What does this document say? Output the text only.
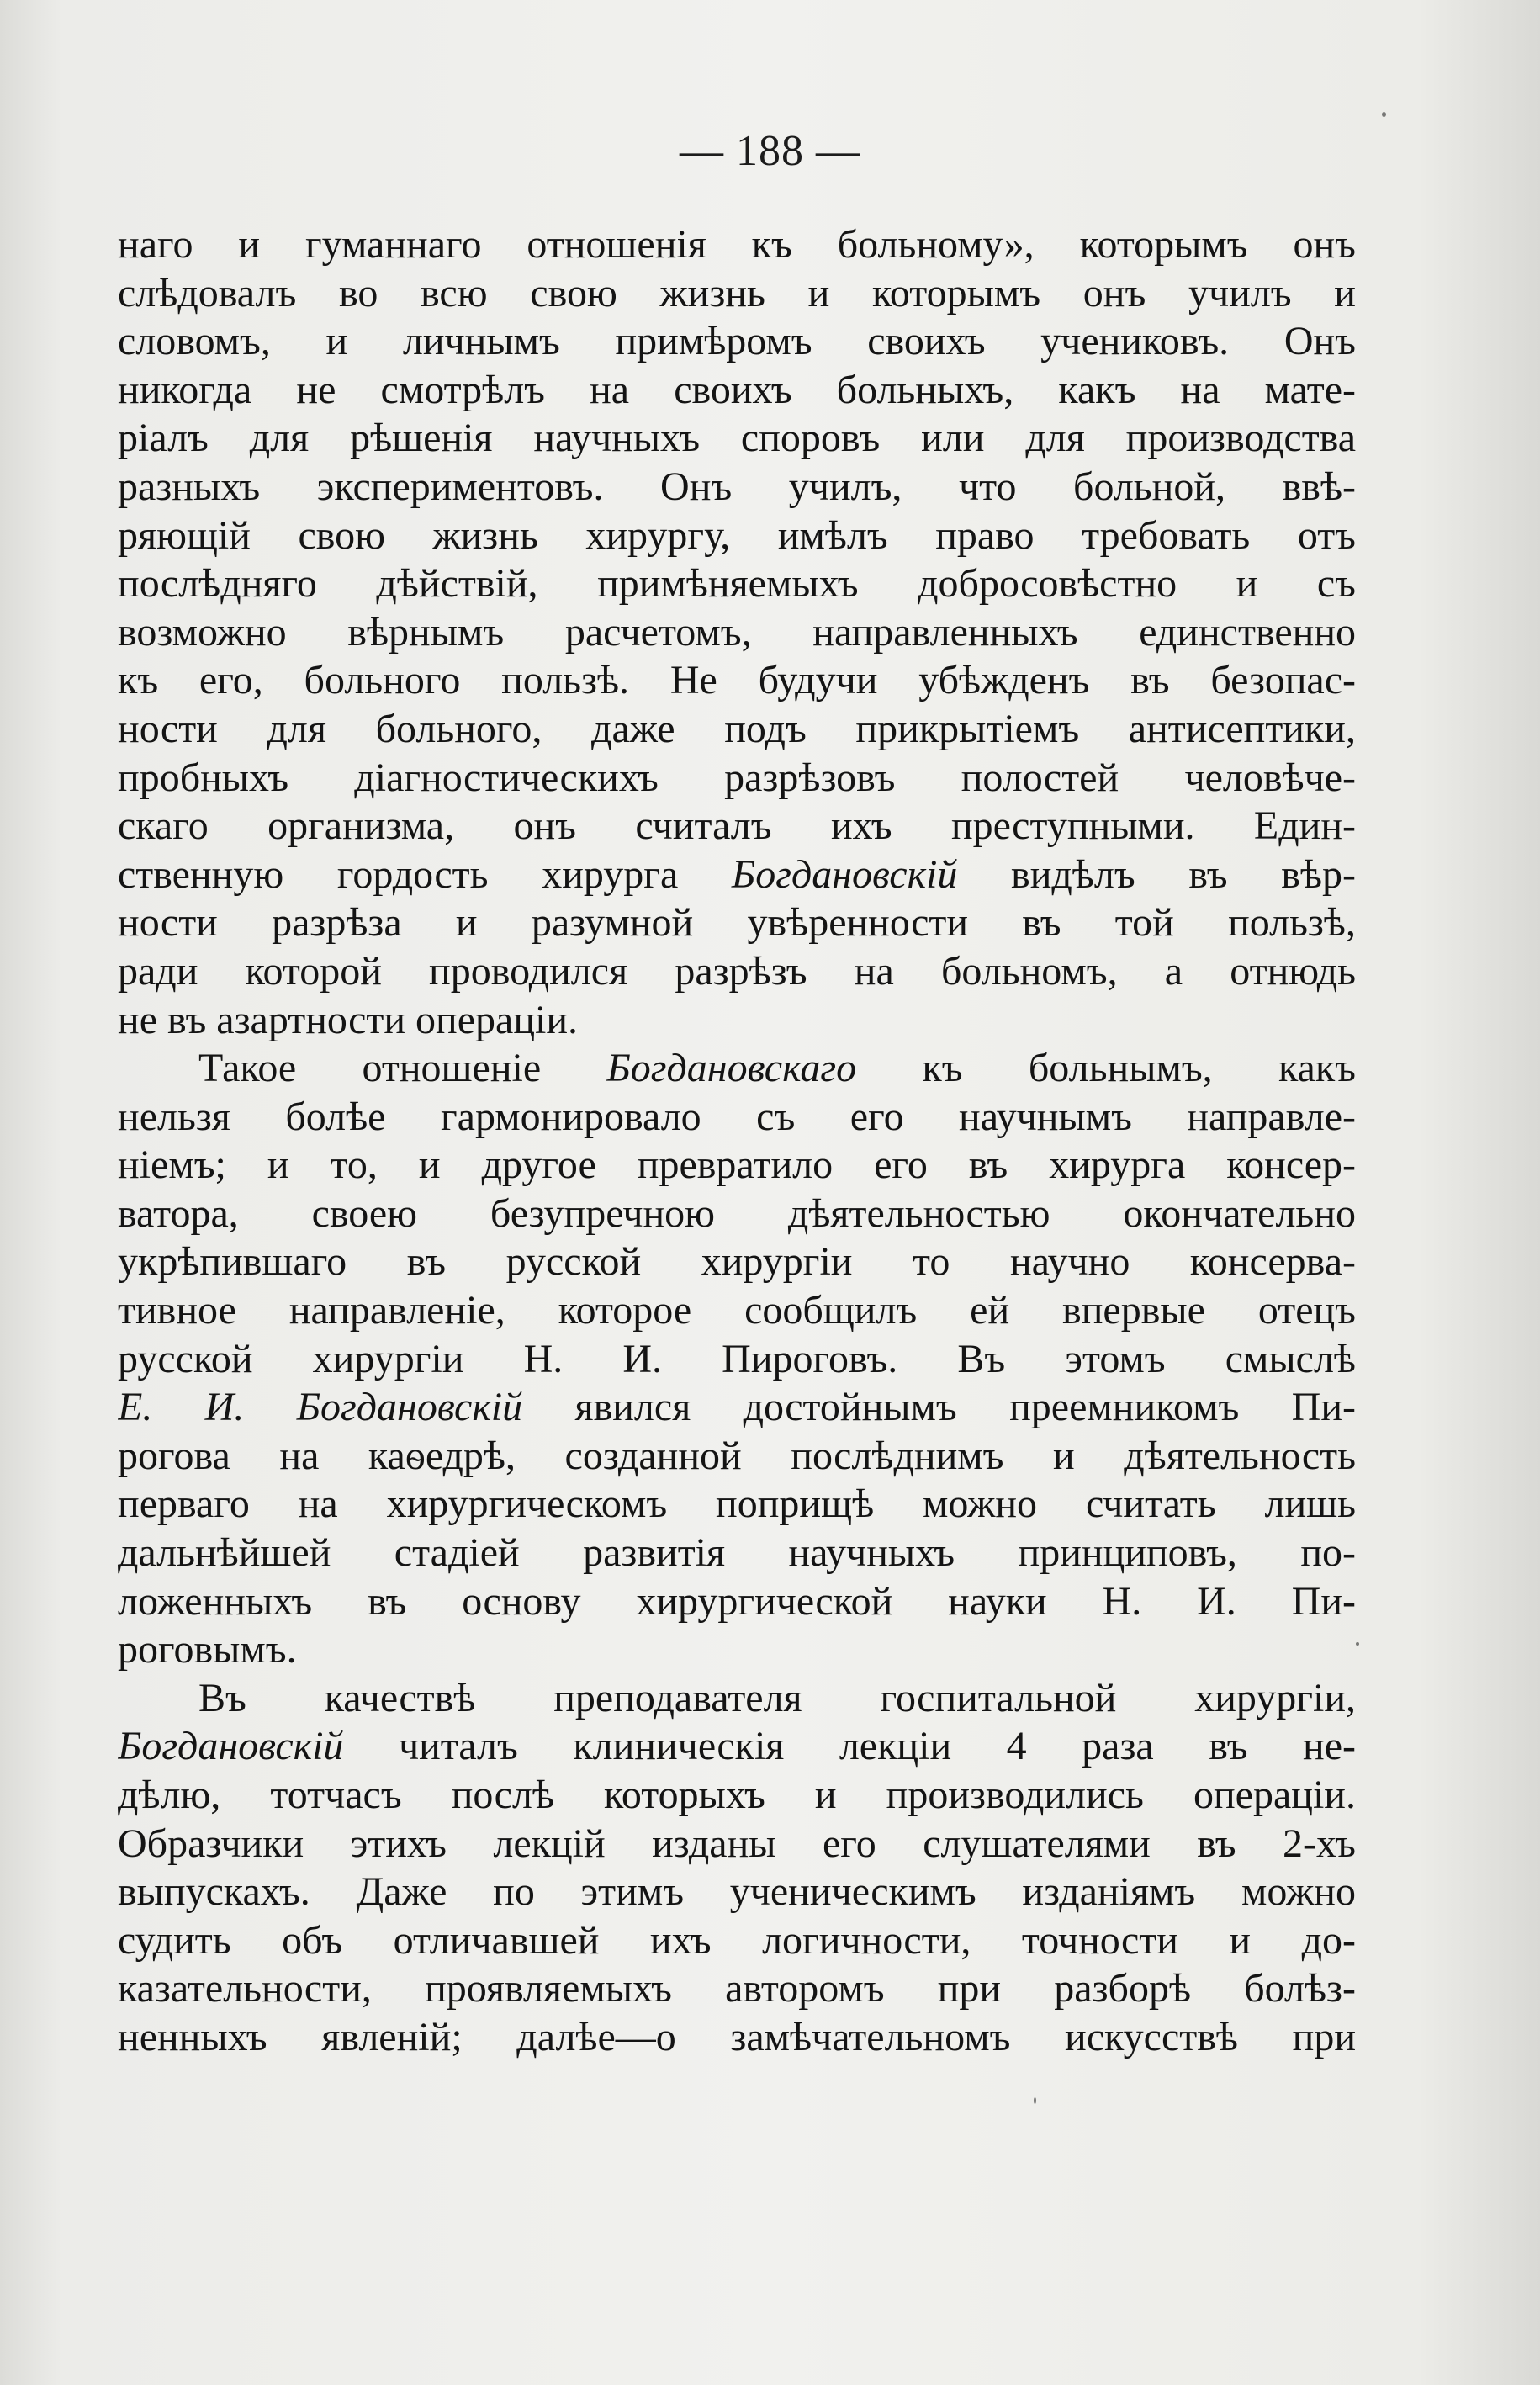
— 188 —
наго и гуманнаго отношенія къ больному», которымъ онъ
слѣдовалъ во всю свою жизнь и которымъ онъ училъ и
словомъ, и личнымъ примѣромъ своихъ учениковъ. Онъ
никогда не смотрѣлъ на своихъ больныхъ, какъ на мате-
ріалъ для рѣшенія научныхъ споровъ или для производства
разныхъ экспериментовъ. Онъ училъ, что больной, ввѣ-
ряющій свою жизнь хирургу, имѣлъ право требовать отъ
послѣдняго дѣйствій, примѣняемыхъ добросовѣстно и съ
возможно вѣрнымъ расчетомъ, направленныхъ единственно
къ его, больного пользѣ. Не будучи убѣжденъ въ безопас-
ности для больного, даже подъ прикрытіемъ антисептики,
пробныхъ діагностическихъ разрѣзовъ полостей человѣче-
скаго организма, онъ считалъ ихъ преступными. Един-
ственную гордость хирурга Богдановскій видѣлъ въ вѣр-
ности разрѣза и разумной увѣренности въ той пользѣ,
ради которой проводился разрѣзъ на больномъ, а отнюдь
не въ азартности операціи.
Такое отношеніе Богдановскаго къ больнымъ, какъ
нельзя болѣе гармонировало съ его научнымъ направле-
ніемъ; и то, и другое превратило его въ хирурга консер-
ватора, своею безупречною дѣятельностью окончательно
укрѣпившаго въ русской хирургіи то научно консерва-
тивное направленіе, которое сообщилъ ей впервые отецъ
русской хирургіи Н. И. Пироговъ. Въ этомъ смыслѣ
Е. И. Богдановскій явился достойнымъ преемникомъ Пи-
рогова на каѳедрѣ, созданной послѣднимъ и дѣятельность
перваго на хирургическомъ поприщѣ можно считать лишь
дальнѣйшей стадіей развитія научныхъ принциповъ, по-
ложенныхъ въ основу хирургической науки Н. И. Пи-
роговымъ.
Въ качествѣ преподавателя госпитальной хирургіи,
Богдановскій читалъ клиническія лекціи 4 раза въ не-
дѣлю, тотчасъ послѣ которыхъ и производились операціи.
Образчики этихъ лекцій изданы его слушателями въ 2-хъ
выпускахъ. Даже по этимъ ученическимъ изданіямъ можно
судить объ отличавшей ихъ логичности, точности и до-
казательности, проявляемыхъ авторомъ при разборѣ болѣз-
ненныхъ явленій; далѣе—о замѣчательномъ искусствѣ при
